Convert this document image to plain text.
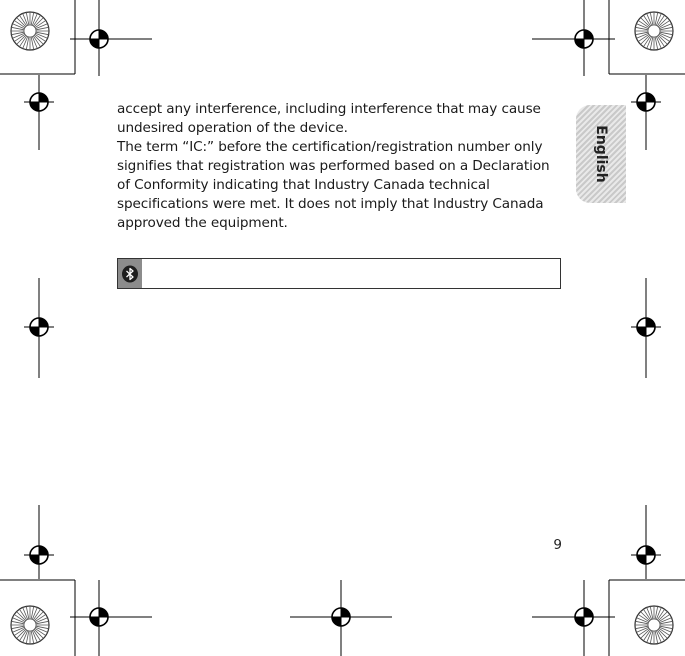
English

accept any interference, including interference that may cause undesired operation of the device.

The term “IC:” before the certification/registration number only signifies that registration was performed based on a Declaration of Conformity indicating that Industry Canada technical specifications were met. It does not imply that Industry Canada approved the equipment.

9
